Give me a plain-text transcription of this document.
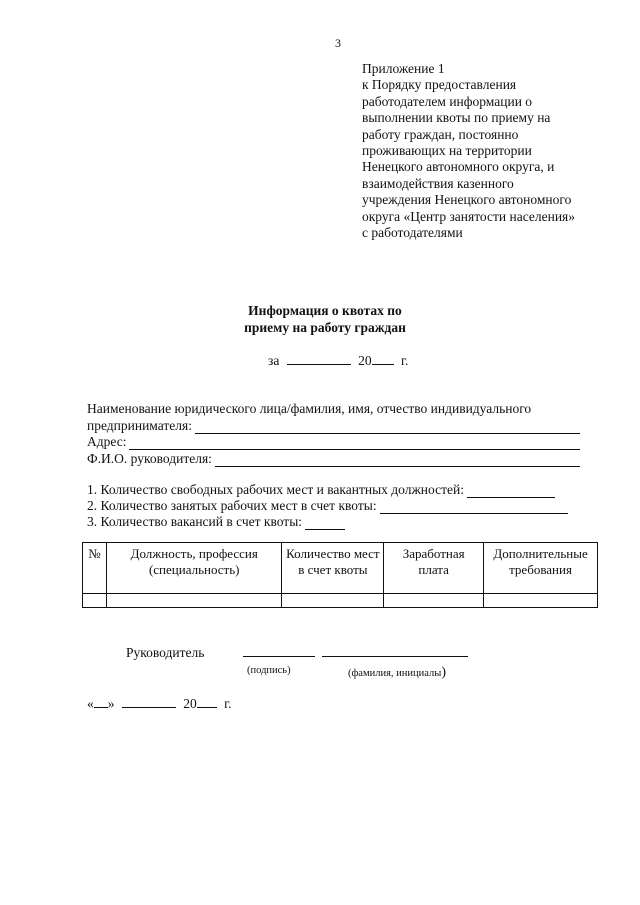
3
Приложение 1
к Порядку предоставления
работодателем информации о
выполнении квоты по приему на
работу граждан, постоянно
проживающих на территории
Ненецкого автономного округа, и
взаимодействия казенного
учреждения Ненецкого автономного
округа «Центр занятости населения»
с работодателями
Информация о квотах по
приему на работу граждан
за	20 г.
Наименование юридического лица/фамилия, имя, отчество индивидуального
предпринимателя:
Адрес:
Ф.И.О. руководителя:
1. Количество свободных рабочих мест и вакантных должностей:
2. Количество занятых рабочих мест в счет квоты:
3. Количество вакансий в счет квоты:
№	Должность, профессия (специальность)	Количество мест в счет квоты	Заработная плата	Дополнительные требования

Руководитель
(подпись)	(фамилия, инициалы)
« »	20 г.
